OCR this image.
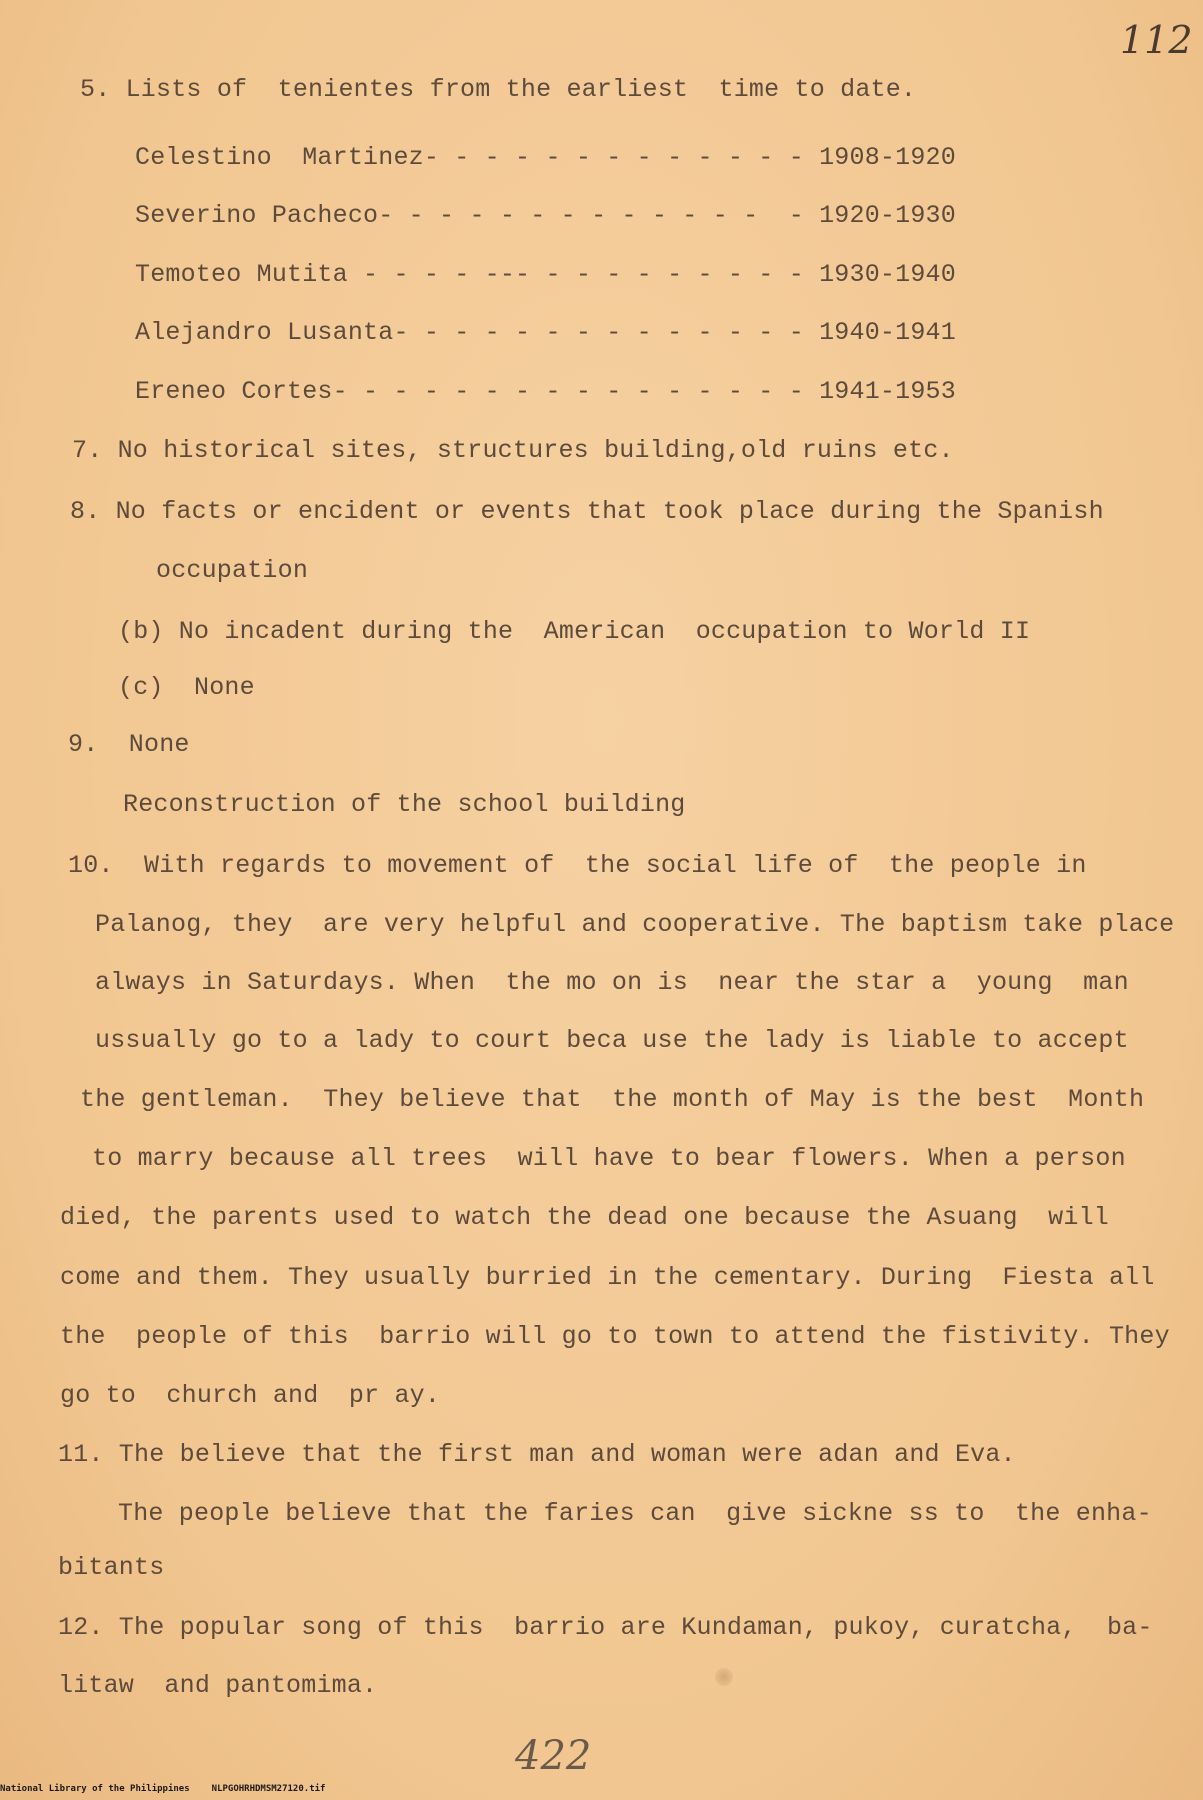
112
5. Lists of  tenientes from the earliest  time to date.
Celestino  Martinez- - - - - - - - - - - - - 1908-1920
Severino Pacheco- - - - - - - - - - - - -  - 1920-1930
Temoteo Mutita - - - - --- - - - - - - - - - 1930-1940
Alejandro Lusanta- - - - - - - - - - - - - - 1940-1941
Ereneo Cortes- - - - - - - - - - - - - - - - 1941-1953
7. No historical sites, structures building,old ruins etc.
8. No facts or encident or events that took place during the Spanish
occupation
(b) No incadent during the  American  occupation to World II
(c)  None
9.  None
Reconstruction of the school building
10.  With regards to movement of  the social life of  the people in
Palanog, they  are very helpful and cooperative. The baptism take place
always in Saturdays. When  the mo on is  near the star a  young  man
ussually go to a lady to court beca use the lady is liable to accept
the gentleman.  They believe that  the month of May is the best  Month
to marry because all trees  will have to bear flowers. When a person
died, the parents used to watch the dead one because the Asuang  will
come and them. They usually burried in the cementary. During  Fiesta all
the  people of this  barrio will go to town to attend the fistivity. They
go to  church and  pr ay.
11. The believe that the first man and woman were adan and Eva.
The people believe that the faries can  give sickne ss to  the enha-
bitants
12. The popular song of this  barrio are Kundaman, pukoy, curatcha,  ba-
litaw  and pantomima.
422
National Library of the Philippines NLPGOHRHDMSM27120.tif
